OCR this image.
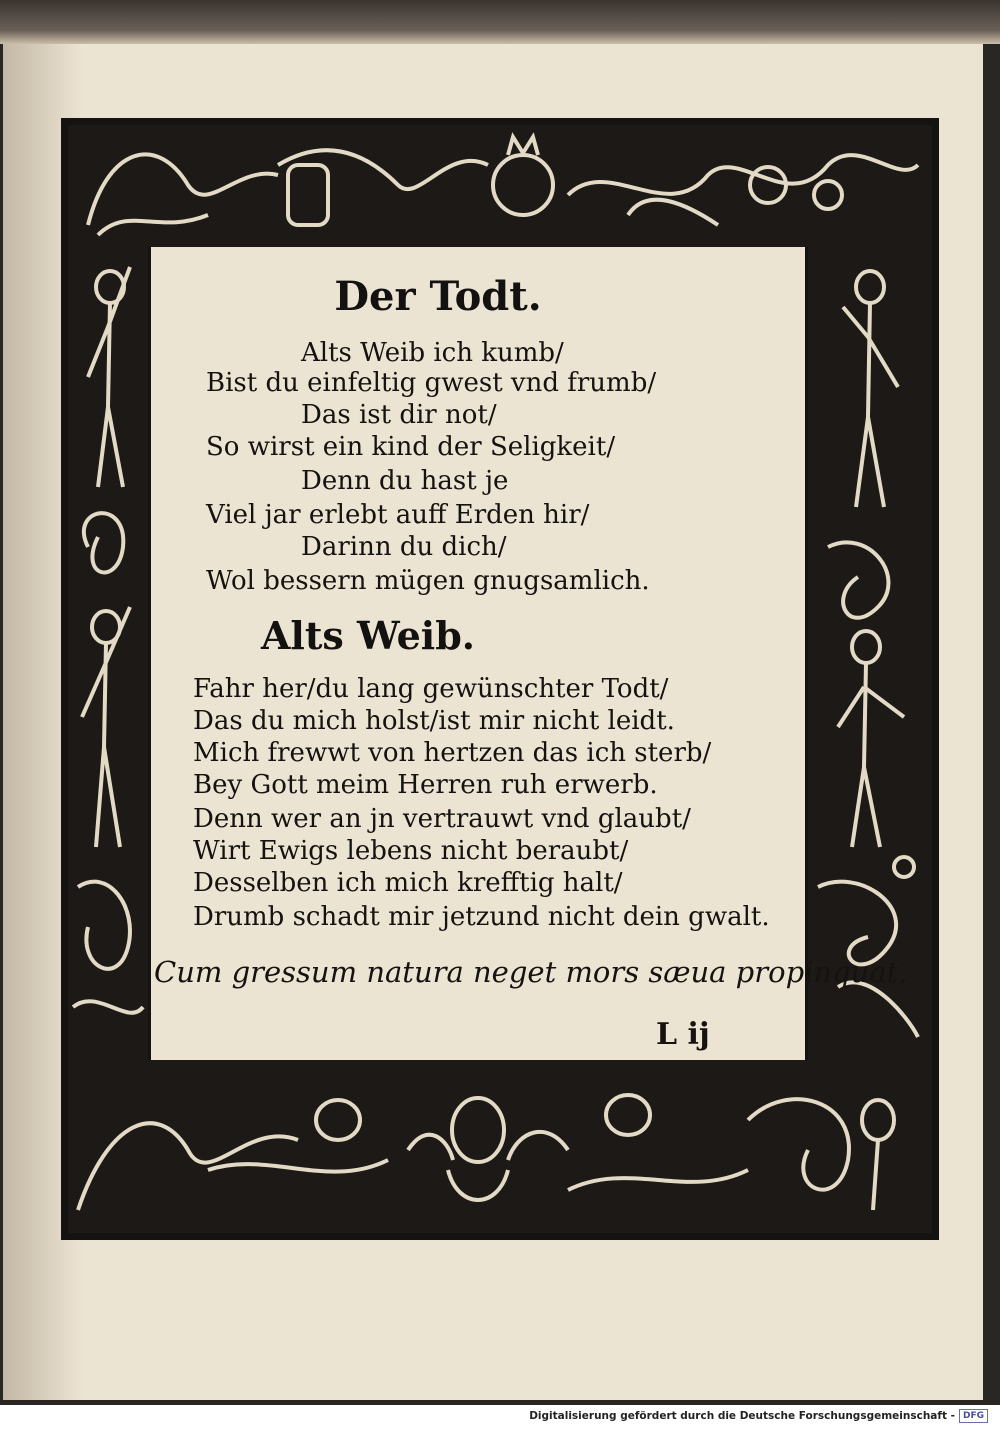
Der Todt.
Alts Weib ich kumb/
Bist du einfeltig gwest vnd frumb/
Das ist dir not/
So wirst ein kind der Seligkeit/
Denn du hast je
Viel jar erlebt auff Erden hir/
Darinn du dich/
Wol bessern mügen gnugsamlich.
Alts Weib.
Fahr her/du lang gewünschter Todt/
Das du mich holst/ist mir nicht leidt.
Mich frewwt von hertzen das ich sterb/
Bey Gott meim Herren ruh erwerb.
Denn wer an jn vertrauwt vnd glaubt/
Wirt Ewigs lebens nicht beraubt/
Desselben ich mich krefftig halt/
Drumb schadt mir jetzund nicht dein gwalt.
Cum gressum natura neget mors sæua propinquat.
L ij
Digitalisierung gefördert durch die Deutsche Forschungsgemeinschaft - DFG
